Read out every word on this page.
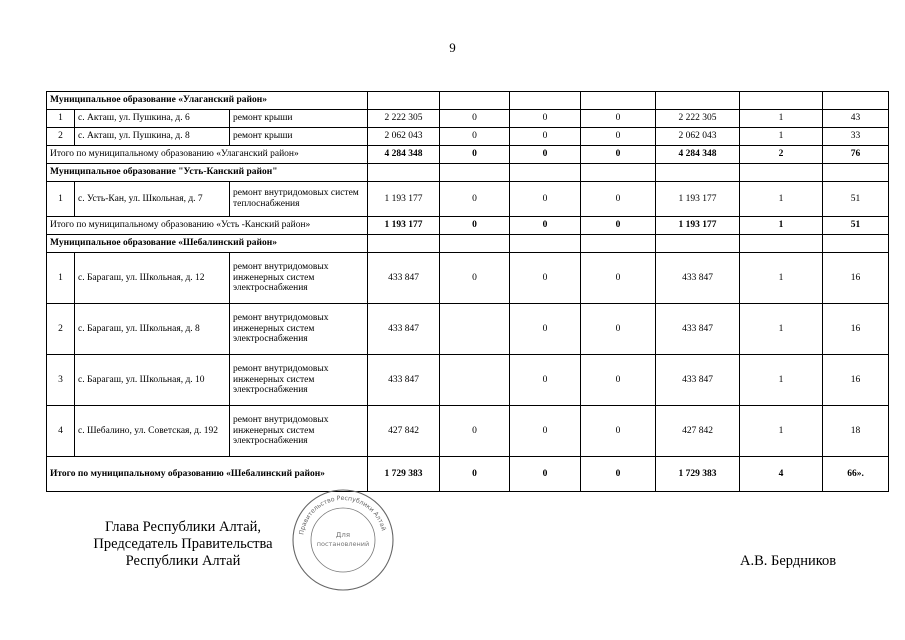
9
Муниципальное образование «Улаганский район»									
1	с. Акташ, ул. Пушкина, д. 6	ремонт крыши	2 222 305	0	0	0	2 222 305	1	43
2	с. Акташ, ул. Пушкина, д. 8	ремонт крыши	2 062 043	0	0	0	2 062 043	1	33
Итого по муниципальному образованию «Улаганский район»			4 284 348	0	0	0	4 284 348	2	76
Муниципальное образование "Усть-Канский район"									
1	с. Усть-Кан, ул. Школьная, д. 7	ремонт внутридомовых систем теплоснабжения	1 193 177	0	0	0	1 193 177	1	51
Итого по муниципальному образованию «Усть -Канский район»			1 193 177	0	0	0	1 193 177	1	51
Муниципальное образование «Шебалинский район»									
1	с. Барагаш, ул. Школьная, д. 12	ремонт внутридомовых инженерных систем электроснабжения	433 847	0	0	0	433 847	1	16
2	с. Барагаш, ул. Школьная, д. 8	ремонт внутридомовых инженерных систем электроснабжения	433 847		0	0	433 847	1	16
3	с. Барагаш, ул. Школьная, д. 10	ремонт внутридомовых инженерных систем электроснабжения	433 847		0	0	433 847	1	16
4	с. Шебалино, ул. Советская, д. 192	ремонт внутридомовых инженерных систем электроснабжения	427 842	0	0	0	427 842	1	18
Итого по муниципальному образованию «Шебалинский район»			1 729 383	0	0	0	1 729 383	4	66».
Глава Республики Алтай,
Председатель Правительства
Республики Алтай
Правительство Республики Алтай
Для
постановлений
А.В. Бердников
